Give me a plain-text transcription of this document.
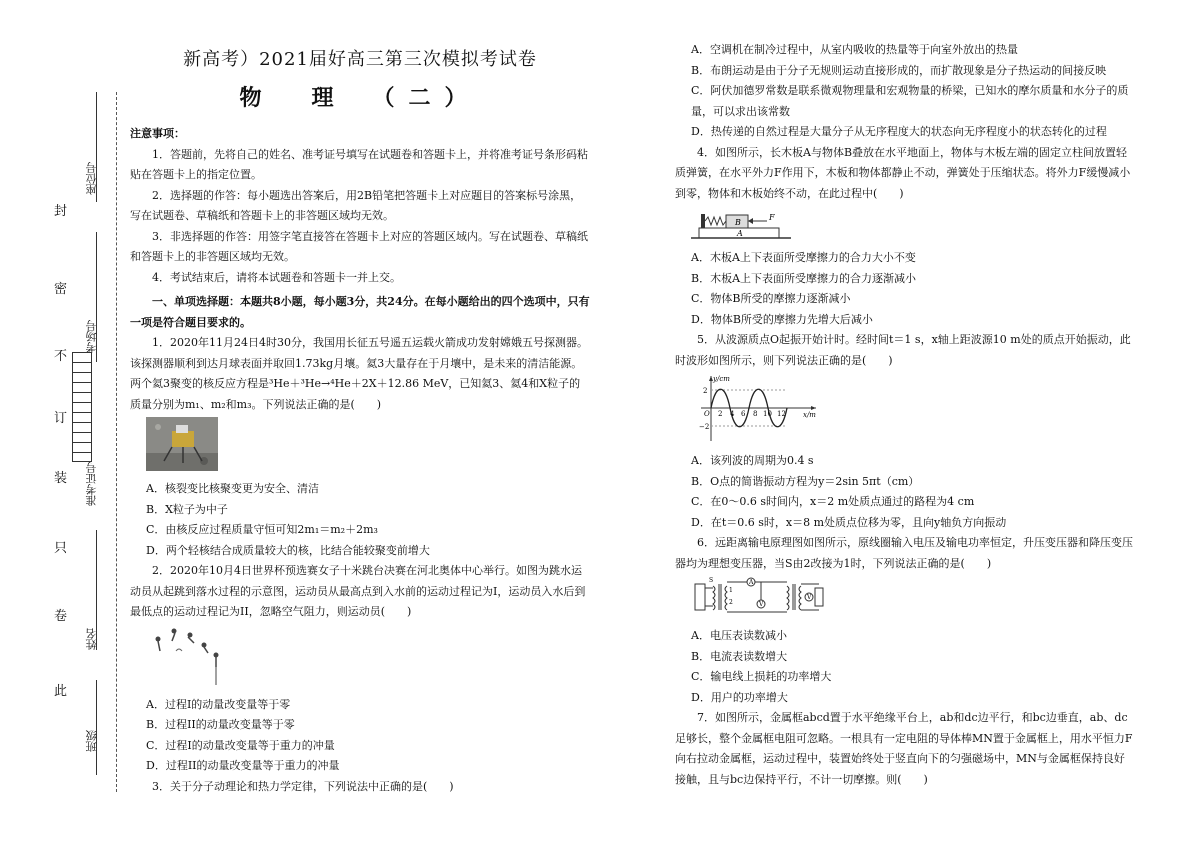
封
密
不
订
装
只
卷
此
座位号
考场号
准考证号
姓名
班级

新高考）2021届好高三第三次模拟考试卷

物　理　（二）

注意事项：

1．答题前，先将自己的姓名、准考证号填写在试题卷和答题卡上，并将准考证号条形码粘贴在答题卡上的指定位置。

2．选择题的作答：每小题选出答案后，用2B铅笔把答题卡上对应题目的答案标号涂黑，写在试题卷、草稿纸和答题卡上的非答题区域均无效。

3．非选择题的作答：用签字笔直接答在答题卡上对应的答题区域内。写在试题卷、草稿纸和答题卡上的非答题区域均无效。

4．考试结束后，请将本试题卷和答题卡一并上交。

一、单项选择题：本题共8小题，每小题3分，共24分。在每小题给出的四个选项中，只有一项是符合题目要求的。

1．2020年11月24日4时30分，我国用长征五号遥五运载火箭成功发射嫦娥五号探测器。该探测器顺利到达月球表面并取回1.73kg月壤。氦3大量存在于月壤中，是未来的清洁能源。两个氦3聚变的核反应方程是³He＋³He→⁴He＋2X＋12.86 MeV，已知氦3、氦4和X粒子的质量分别为m₁、m₂和m₃。下列说法正确的是(　　)

A．核裂变比核聚变更为安全、清洁

B．X粒子为中子

C．由核反应过程质量守恒可知2m₁＝m₂＋2m₃

D．两个轻核结合成质量较大的核，比结合能较聚变前增大

2．2020年10月4日世界杯预选赛女子十米跳台决赛在河北奥体中心举行。如图为跳水运动员从起跳到落水过程的示意图，运动员从最高点到入水前的运动过程记为I，运动员入水后到最低点的运动过程记为II，忽略空气阻力，则运动员(　　)

A．过程I的动量改变量等于零

B．过程II的动量改变量等于零

C．过程I的动量改变量等于重力的冲量

D．过程II的动量改变量等于重力的冲量

3．关于分子动理论和热力学定律，下列说法中正确的是(　　)

A．空调机在制冷过程中，从室内吸收的热量等于向室外放出的热量

B．布朗运动是由于分子无规则运动直接形成的，而扩散现象是分子热运动的间接反映

C．阿伏加德罗常数是联系微观物理量和宏观物量的桥梁，已知水的摩尔质量和水分子的质量，可以求出该常数

D．热传递的自然过程是大量分子从无序程度大的状态向无序程度小的状态转化的过程

4．如图所示，长木板A与物体B叠放在水平地面上，物体与木板左端的固定立柱间放置轻质弹簧，在水平外力F作用下，木板和物体都静止不动，弹簧处于压缩状态。将外力F缓慢减小到零，物体和木板始终不动，在此过程中(　　)

B
A
F

A．木板A上下表面所受摩擦力的合力大小不变

B．木板A上下表面所受摩擦力的合力逐渐减小

C．物体B所受的摩擦力逐渐减小

D．物体B所受的摩擦力先增大后减小

5．从波源质点O起振开始计时。经时间t＝1 s，x轴上距波源10 m处的质点开始振动，此时波形如图所示，则下列说法正确的是(　　)

y/cm
x/m
O
2
−2
2 4 6 8 10 12

A．该列波的周期为0.4 s

B．O点的简谐振动方程为y＝2sin 5πt（cm）

C．在0～0.6 s时间内，x＝2 m处质点通过的路程为4 cm

D．在t＝0.6 s时，x＝8 m处质点位移为零，且向y轴负方向振动

6．远距离输电原理图如图所示，原线圈输入电压及输电功率恒定，升压变压器和降压变压器均为理想变压器，当S由2改接为1时，下列说法正确的是(　　)

A
V
V
S
1
2

A．电压表读数减小

B．电流表读数增大

C．输电线上损耗的功率增大

D．用户的功率增大

7．如图所示，金属框abcd置于水平绝缘平台上，ab和dc边平行，和bc边垂直，ab、dc足够长，整个金属框电阻可忽略。一根具有一定电阻的导体棒MN置于金属框上，用水平恒力F向右拉动金属框，运动过程中，装置始终处于竖直向下的匀强磁场中，MN与金属框保持良好接触，且与bc边保持平行，不计一切摩擦。则(　　)
